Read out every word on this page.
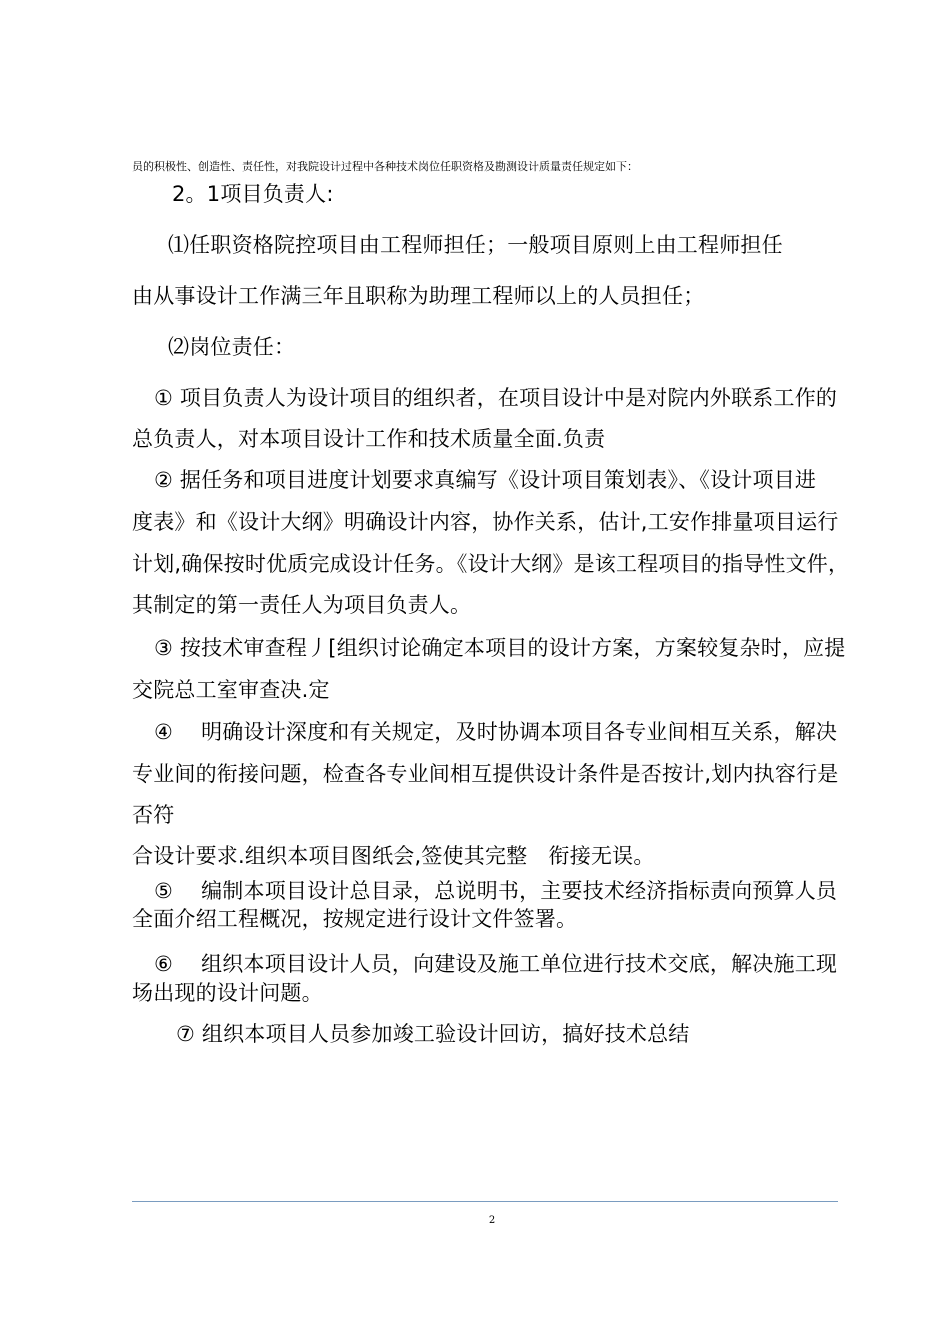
员的积极性、创造性、责任性，对我院设计过程中各种技术岗位任职资格及勘测设计质量责任规定如下：
2。1项目负责人:
⑴任职资格院控项目由工程师担任；一般项目原则上由工程师担任
由从事设计工作满三年且职称为助理工程师以上的人员担任；
⑵岗位责任：
① 项目负责人为设计项目的组织者，在项目设计中是对院内外联系工作的
总负责人，对本项目设计工作和技术质量全面.负责
② 据任务和项目进度计划要求真编写《设计项目策划表》、《设计项目进
度表》和《设计大纲》明确设计内容，协作关系，估计,工安作排量项目运行
计划,确保按时优质完成设计任务。《设计大纲》是该工程项目的指导性文件，
其制定的第一责任人为项目负责人。
③ 按技术审查程丿[组织讨论确定本项目的设计方案，方案较复杂时，应提
交院总工室审查决.定
④　 明确设计深度和有关规定，及时协调本项目各专业间相互关系，解决
专业间的衔接问题，检查各专业间相互提供设计条件是否按计,划内执容行是
否符
合设计要求.组织本项目图纸会,签使其完整　衔接无误。
⑤　 编制本项目设计总目录，总说明书，主要技术经济指标责向预算人员
全面介绍工程概况，按规定进行设计文件签署。
⑥　 组织本项目设计人员，向建设及施工单位进行技术交底，解决施工现
场出现的设计问题。
⑦ 组织本项目人员参加竣工验设计回访，搞好技术总结
2
